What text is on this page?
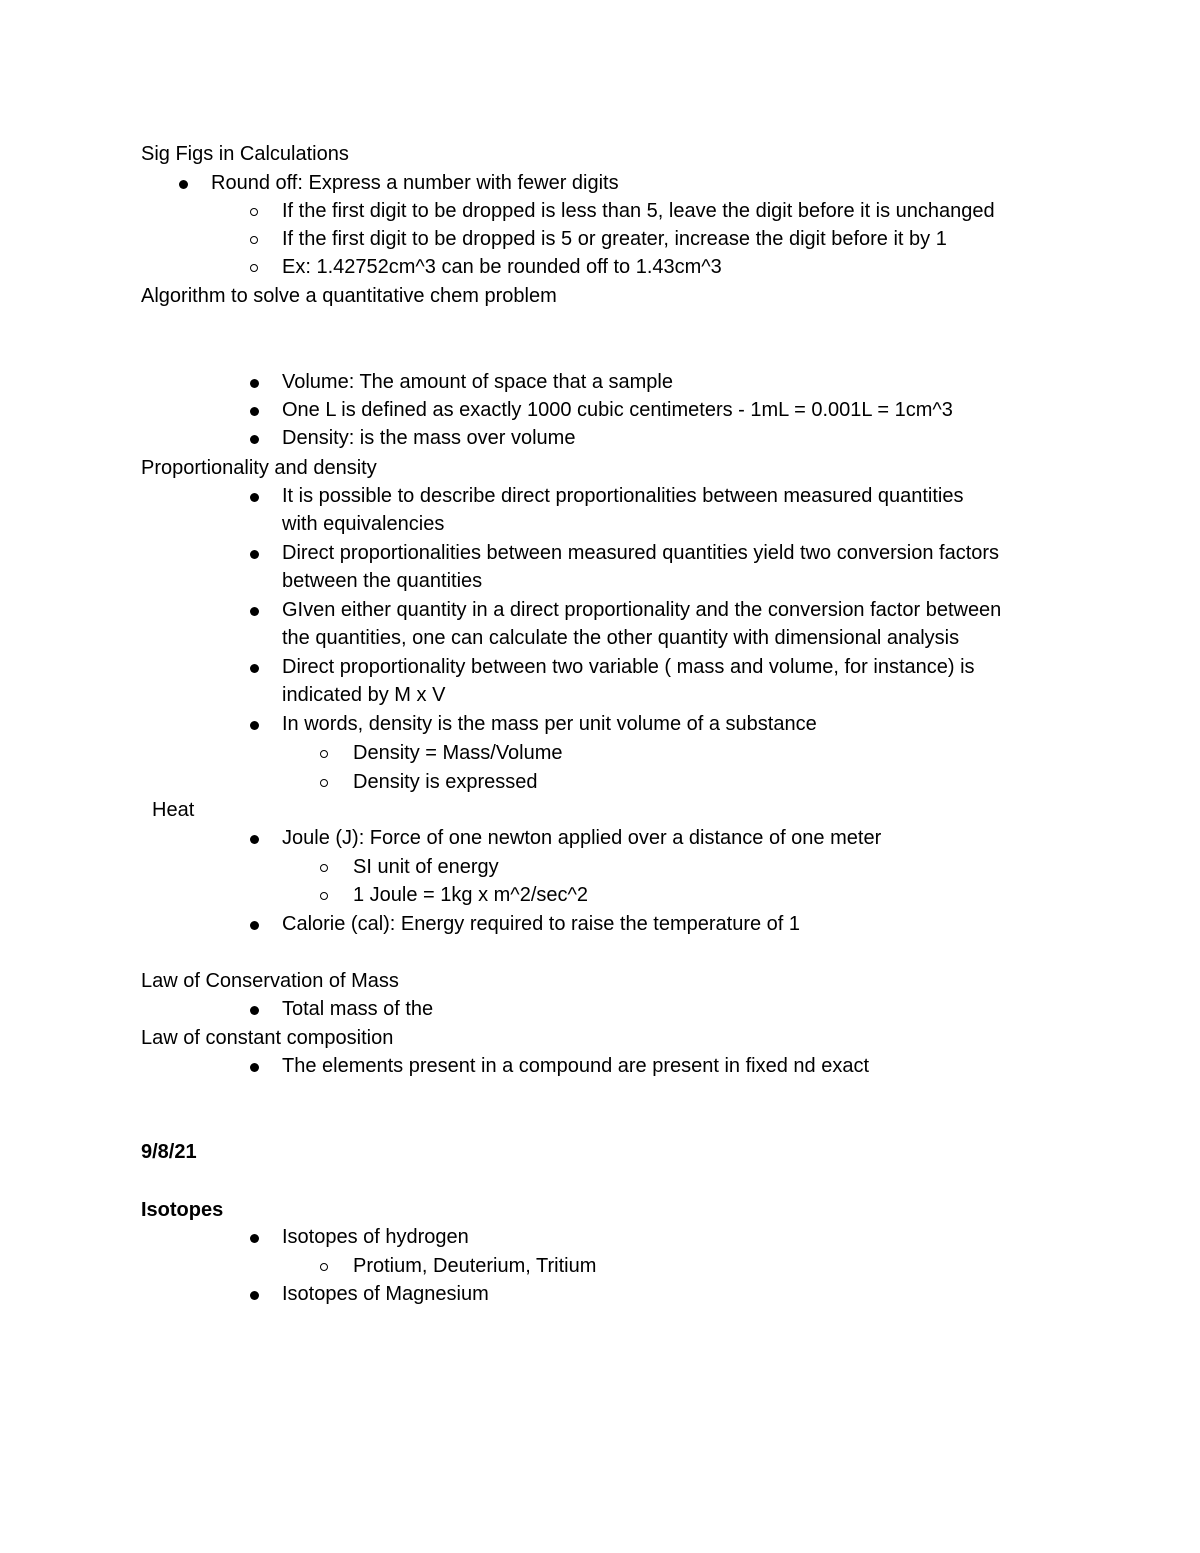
Sig Figs in Calculations
Round off: Express a number with fewer digits
If the first digit to be dropped is less than 5, leave the digit before it is unchanged
If the first digit to be dropped is 5 or greater, increase the digit before it by 1
Ex: 1.42752cm^3 can be rounded off to 1.43cm^3
Algorithm to solve a quantitative chem problem
Volume: The amount of space that a sample
One L is defined as exactly 1000 cubic centimeters - 1mL = 0.001L = 1cm^3
Density: is the mass over volume
Proportionality and density
It is possible to describe direct proportionalities between measured quantities
with equivalencies
Direct proportionalities between measured quantities yield two conversion factors
between the quantities
GIven either quantity in a direct proportionality and the conversion factor between
the quantities, one can calculate the other quantity with dimensional analysis
Direct proportionality between two variable ( mass and volume, for instance) is
indicated by M x V
In words, density is the mass per unit volume of a substance
Density = Mass/Volume
Density is expressed
Heat
Joule (J): Force of one newton applied over a distance of one meter
SI unit of energy
1 Joule = 1kg x m^2/sec^2
Calorie (cal): Energy required to raise the temperature of 1
Law of Conservation of Mass
Total mass of the
Law of constant composition
The elements present in a compound are present in fixed nd exact
9/8/21
Isotopes
Isotopes of hydrogen
Protium, Deuterium, Tritium
Isotopes of Magnesium
